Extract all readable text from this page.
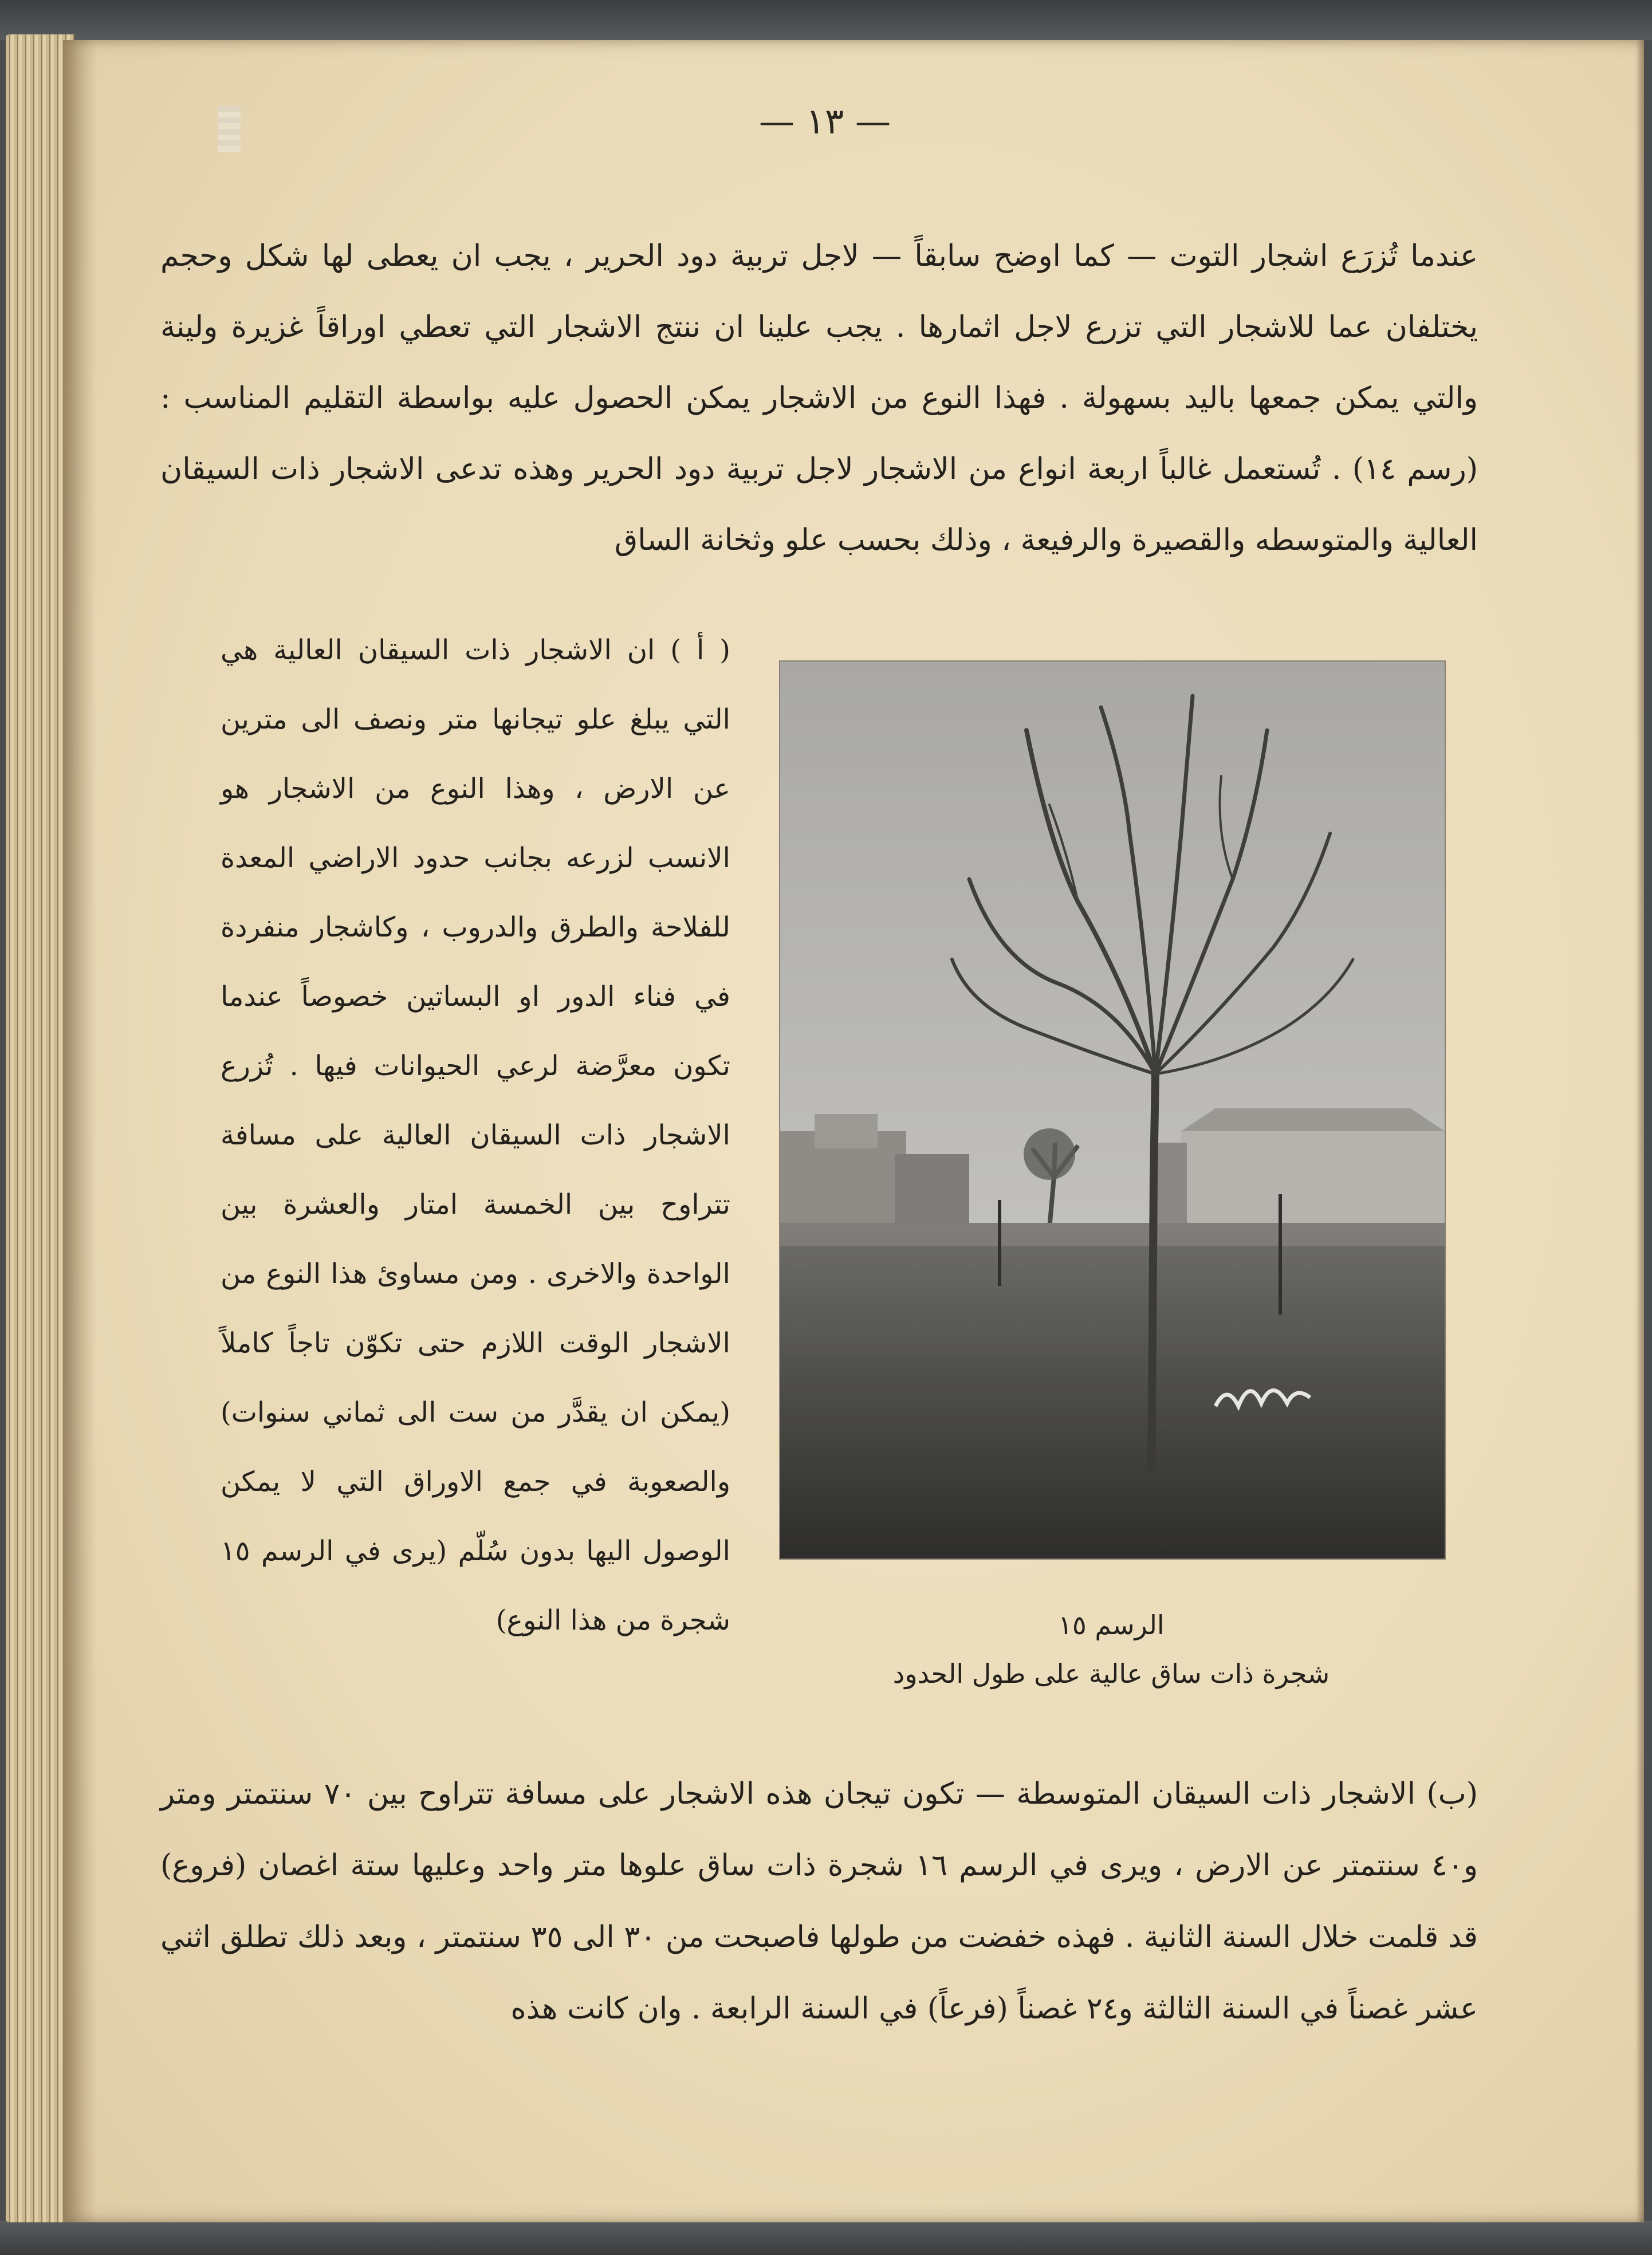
— ١٣ —
عندما تُزرَع اشجار التوت — كما اوضح سابقاً — لاجل تربية دود الحرير ، يجب ان يعطى لها شكل وحجم يختلفان عما للاشجار التي تزرع لاجل اثمارها . يجب علينا ان ننتج الاشجار التي تعطي اوراقاً غزيرة ولينة والتي يمكن جمعها باليد بسهولة . فهذا النوع من الاشجار يمكن الحصول عليه بواسطة التقليم المناسب : (رسم ١٤) . تُستعمل غالباً اربعة انواع من الاشجار لاجل تربية دود الحرير وهذه تدعى الاشجار ذات السيقان العالية والمتوسطه والقصيرة والرفيعة ، وذلك بحسب علو وثخانة الساق
( أ ) ان الاشجار ذات السيقان العالية هي التي يبلغ علو تيجانها متر ونصف الى مترين عن الارض ، وهذا النوع من الاشجار هو الانسب لزرعه بجانب حدود الاراضي المعدة للفلاحة والطرق والدروب ، وكاشجار منفردة في فناء الدور او البساتين خصوصاً عندما تكون معرَّضة لرعي الحيوانات فيها . تُزرع الاشجار ذات السيقان العالية على مسافة تتراوح بين الخمسة امتار والعشرة بين الواحدة والاخرى . ومن مساوئ هذا النوع من الاشجار الوقت اللازم حتى تكوّن تاجاً كاملاً (يمكن ان يقدَّر من ست الى ثماني سنوات) والصعوبة في جمع الاوراق التي لا يمكن الوصول اليها بدون سُلّم (يرى في الرسم ١٥ شجرة من هذا النوع)	الرسم ١٥
شجرة ذات ساق عالية على طول الحدود
(ب) الاشجار ذات السيقان المتوسطة — تكون تيجان هذه الاشجار على مسافة تتراوح بين ٧٠ سنتمتر ومتر و٤٠ سنتمتر عن الارض ، ويرى في الرسم ١٦ شجرة ذات ساق علوها متر واحد وعليها ستة اغصان (فروع) قد قلمت خلال السنة الثانية . فهذه خفضت من طولها فاصبحت من ٣٠ الى ٣٥ سنتمتر ، وبعد ذلك تطلق اثني عشر غصناً في السنة الثالثة و٢٤ غصناً (فرعاً) في السنة الرابعة . وان كانت هذه
